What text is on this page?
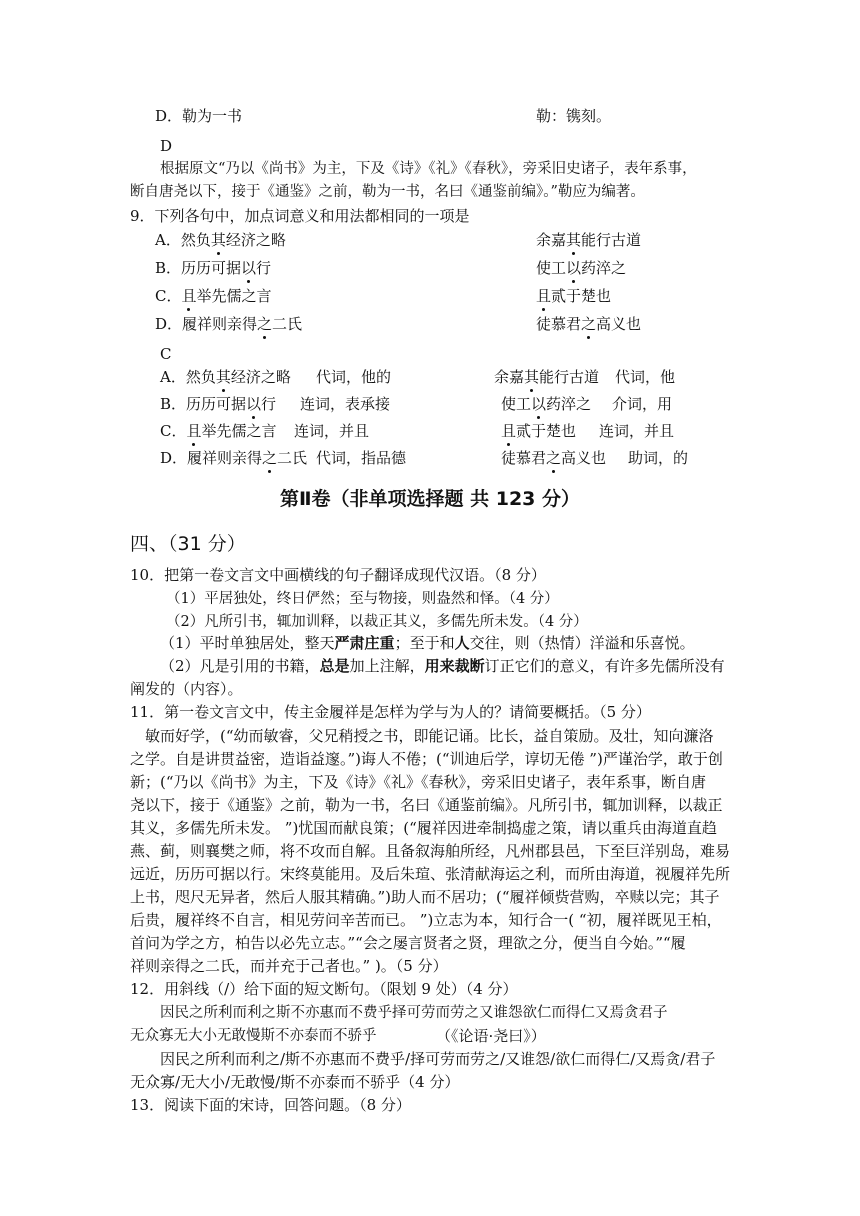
D．勒为一书	勒：镌刻。
D
根据原文“乃以《尚书》为主，下及《诗》《礼》《春秋》，旁采旧史诸子，表年系事，
断自唐尧以下，接于《通鉴》之前，勒为一书，名曰《通鉴前编》。”勒应为编著。
9．下列各句中，加点词意义和用法都相同的一项是
A．然负其经济之略	余嘉其能行古道
B．历历可据以行	使工以药淬之
C．且举先儒之言	且贰于楚也
D．履祥则亲得之二氏	徒慕君之高义也
C
A．然负其经济之略 代词，他的	余嘉其能行古道 代词，他
B．历历可据以行 连词，表承接	使工以药淬之 介词，用
C．且举先儒之言 连词，并且	且贰于楚也 连词，并且
D．履祥则亲得之二氏 代词，指品德	徒慕君之高义也 助词，的
第Ⅱ卷（非单项选择题 共 123 分）
四、（31 分）
10．把第一卷文言文中画横线的句子翻译成现代汉语。（8 分）
（1）平居独处，终日俨然；至与物接，则盎然和怿。（4 分）
（2）凡所引书，辄加训释，以裁正其义，多儒先所未发。（4 分）
（1）平时单独居处，整天严肃庄重；至于和人交往，则（热情）洋溢和乐喜悦。
（2）凡是引用的书籍，总是加上注解，用来裁断订正它们的意义，有许多先儒所没有
阐发的（内容）。
11．第一卷文言文中，传主金履祥是怎样为学与为人的？请简要概括。（5 分）
敏而好学，(“幼而敏睿，父兄稍授之书，即能记诵。比长，益自策励。及壮，知向濂洛
之学。自是讲贯益密，造诣益邃。”)诲人不倦；(“训迪后学，谆切无倦 ”)严谨治学，敢于创
新；(“乃以《尚书》为主，下及《诗》《礼》《春秋》，旁采旧史诸子，表年系事，断自唐
尧以下，接于《通鉴》之前，勒为一书，名曰《通鉴前编》。凡所引书，辄加训释，以裁正
其义，多儒先所未发。 ”)忧国而献良策；(“履祥因进牵制捣虚之策，请以重兵由海道直趋
燕、蓟，则襄樊之师，将不攻而自解。且备叙海舶所经，凡州郡县邑，下至巨洋别岛，难易
远近，历历可据以行。宋终莫能用。及后朱瑄、张清献海运之利，而所由海道，视履祥先所
上书，咫尺无异者，然后人服其精确。”)助人而不居功；(“履祥倾赀营购，卒赎以完；其子
后贵，履祥终不自言，相见劳问辛苦而已。 ”)立志为本，知行合一( “初，履祥既见王柏，
首问为学之方，柏告以必先立志。”“会之屡言贤者之贤，理欲之分，便当自今始。”“履
祥则亲得之二氏，而并充于己者也。” )。（5 分）
12．用斜线（/）给下面的短文断句。（限划 9 处）（4 分）
因民之所利而利之斯不亦惠而不费乎择可劳而劳之又谁怨欲仁而得仁又焉贪君子
无众寡无大小无敢慢斯不亦泰而不骄乎	（《论语·尧曰》）
因民之所利而利之/斯不亦惠而不费乎/择可劳而劳之/又谁怨/欲仁而得仁/又焉贪/君子
无众寡/无大小/无敢慢/斯不亦泰而不骄乎（4 分）
13．阅读下面的宋诗，回答问题。（8 分）
